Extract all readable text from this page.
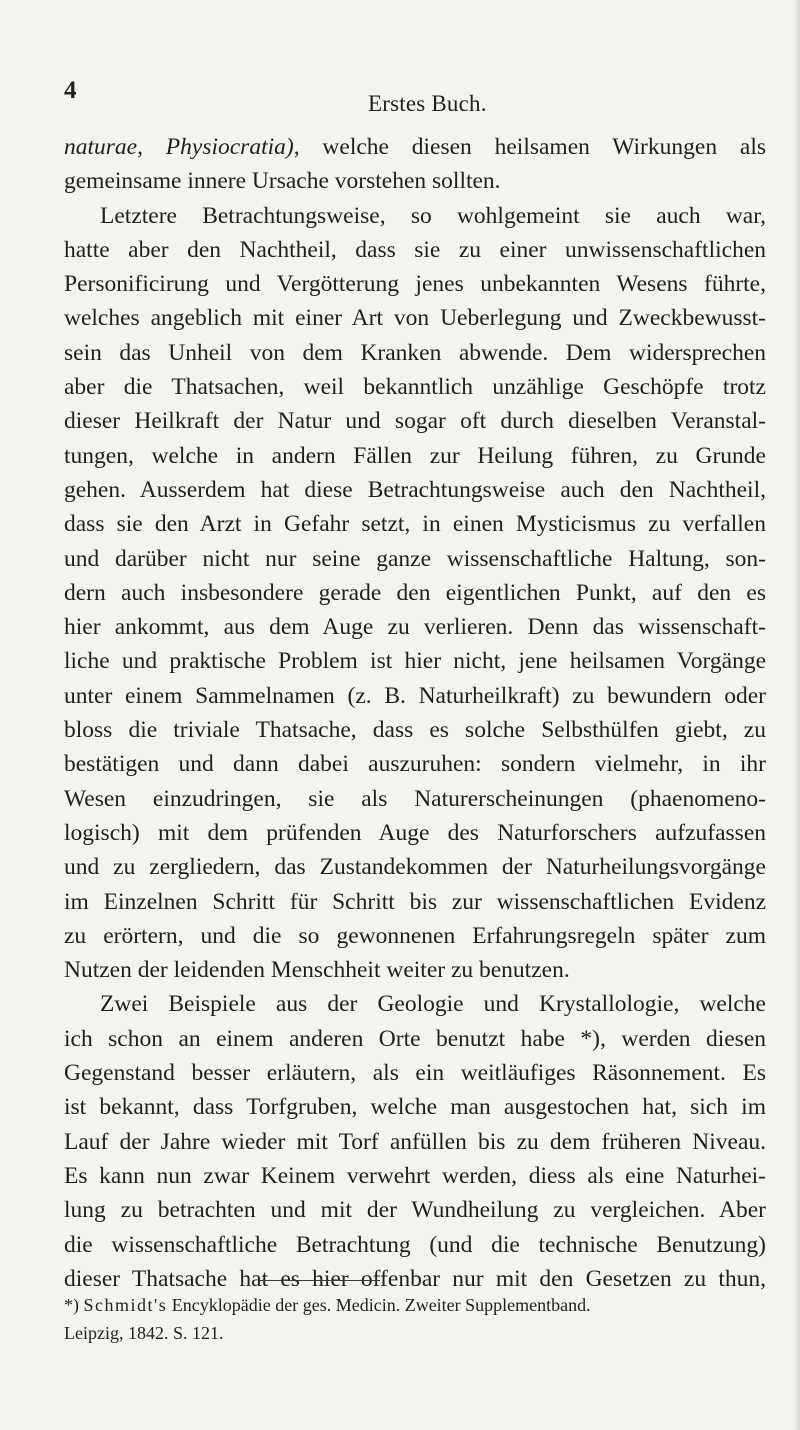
4	Erstes Buch.

naturae, Physiocratia), welche diesen heilsamen Wirkungen als
gemeinsame innere Ursache vorstehen sollten.

Letztere Betrachtungsweise, so wohlgemeint sie auch war,
hatte aber den Nachtheil, dass sie zu einer unwissenschaftlichen
Personificirung und Vergötterung jenes unbekannten Wesens führte,
welches angeblich mit einer Art von Ueberlegung und Zweckbewusst-
sein das Unheil von dem Kranken abwende. Dem widersprechen
aber die Thatsachen, weil bekanntlich unzählige Geschöpfe trotz
dieser Heilkraft der Natur und sogar oft durch dieselben Veranstal-
tungen, welche in andern Fällen zur Heilung führen, zu Grunde
gehen. Ausserdem hat diese Betrachtungsweise auch den Nachtheil,
dass sie den Arzt in Gefahr setzt, in einen Mysticismus zu verfallen
und darüber nicht nur seine ganze wissenschaftliche Haltung, son-
dern auch insbesondere gerade den eigentlichen Punkt, auf den es
hier ankommt, aus dem Auge zu verlieren. Denn das wissenschaft-
liche und praktische Problem ist hier nicht, jene heilsamen Vorgänge
unter einem Sammelnamen (z. B. Naturheilkraft) zu bewundern oder
bloss die triviale Thatsache, dass es solche Selbsthülfen giebt, zu
bestätigen und dann dabei auszuruhen: sondern vielmehr, in ihr
Wesen einzudringen, sie als Naturerscheinungen (phaenomeno-
logisch) mit dem prüfenden Auge des Naturforschers aufzufassen
und zu zergliedern, das Zustandekommen der Naturheilungsvorgänge
im Einzelnen Schritt für Schritt bis zur wissenschaftlichen Evidenz
zu erörtern, und die so gewonnenen Erfahrungsregeln später zum
Nutzen der leidenden Menschheit weiter zu benutzen.

Zwei Beispiele aus der Geologie und Krystallologie, welche
ich schon an einem anderen Orte benutzt habe *), werden diesen
Gegenstand besser erläutern, als ein weitläufiges Räsonnement. Es
ist bekannt, dass Torfgruben, welche man ausgestochen hat, sich im
Lauf der Jahre wieder mit Torf anfüllen bis zu dem früheren Niveau.
Es kann nun zwar Keinem verwehrt werden, diess als eine Naturhei-
lung zu betrachten und mit der Wundheilung zu vergleichen. Aber
die wissenschaftliche Betrachtung (und die technische Benutzung)
dieser Thatsache hat es hier offenbar nur mit den Gesetzen zu thun,

*) Schmidt's Encyklopädie der ges. Medicin. Zweiter Supplementband.
Leipzig, 1842. S. 121.
